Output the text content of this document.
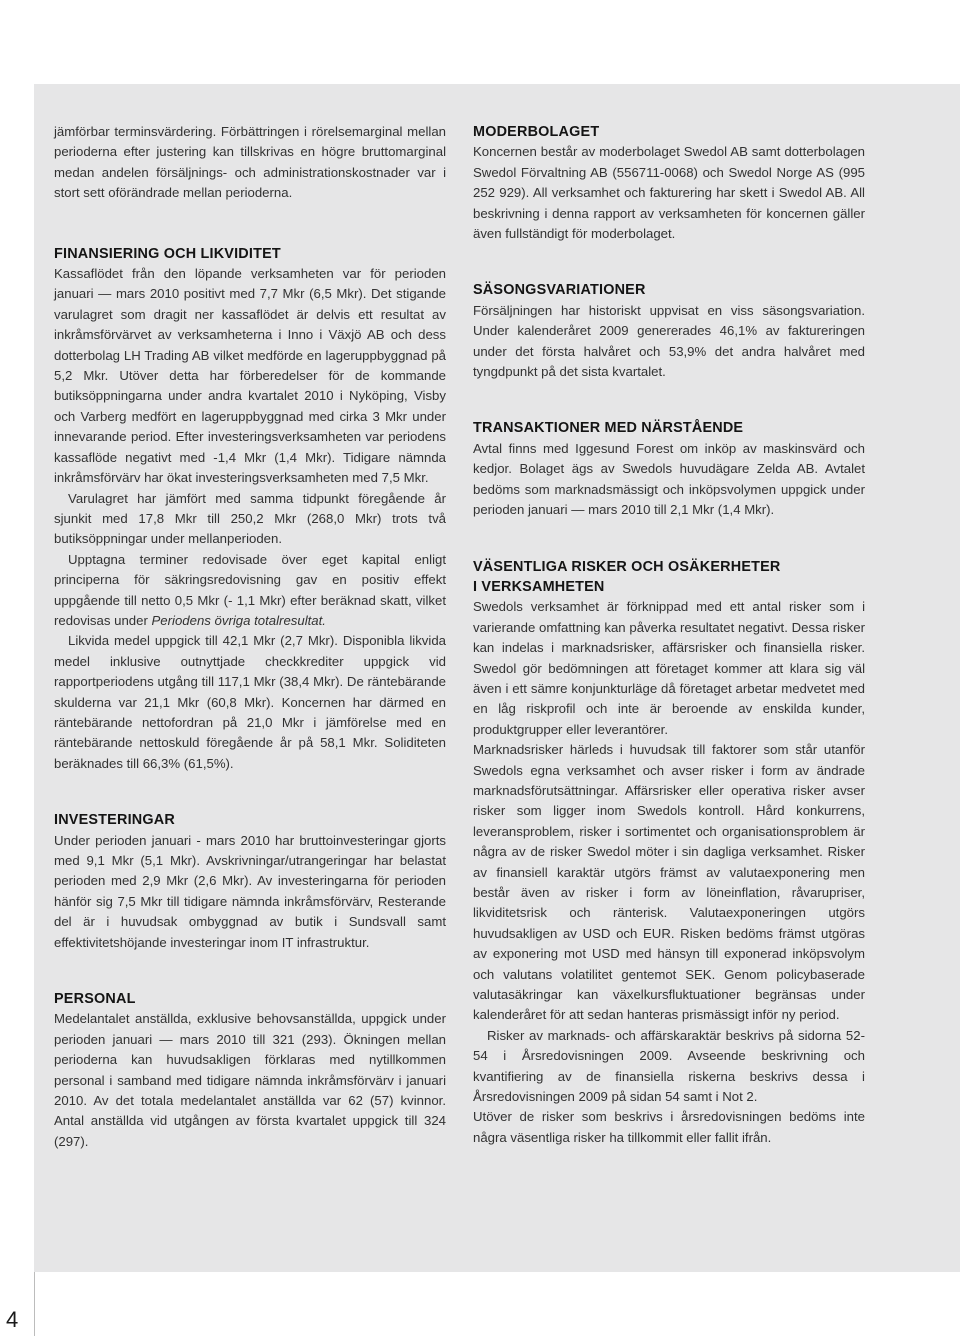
jämförbar terminsvärdering. Förbättringen i rörelsemarginal mellan perioderna efter justering kan tillskrivas en högre bruttomarginal medan andelen försäljnings- och administrationskostnader var i stort sett oförändrade mellan perioderna.

FINANSIERING OCH LIKVIDITET

Kassaflödet från den löpande verksamheten var för perioden januari — mars 2010 positivt med 7,7 Mkr (6,5 Mkr). Det stigande varulagret som dragit ner kassaflödet är delvis ett resultat av inkråmsförvärvet av verksamheterna i Inno i Växjö AB och dess dotterbolag LH Trading AB vilket medförde en lageruppbyggnad på 5,2 Mkr. Utöver detta har förberedelser för de kommande butiksöppningarna under andra kvartalet 2010 i Nyköping, Visby och Varberg medfört en lageruppbyggnad med cirka 3 Mkr under innevarande period. Efter investeringsverksamheten var periodens kassaflöde negativt med -1,4 Mkr (1,4 Mkr). Tidigare nämnda inkråmsförvärv har ökat investeringsverksamheten med 7,5 Mkr.

Varulagret har jämfört med samma tidpunkt föregående år sjunkit med 17,8 Mkr till 250,2 Mkr (268,0 Mkr) trots två butiksöppningar under mellanperioden.

Upptagna terminer redovisade över eget kapital enligt principerna för säkringsredovisning gav en positiv effekt uppgående till netto 0,5 Mkr (- 1,1 Mkr) efter beräknad skatt, vilket redovisas under Periodens övriga totalresultat.

Likvida medel uppgick till 42,1 Mkr (2,7 Mkr). Disponibla likvida medel inklusive outnyttjade checkkrediter uppgick vid rapportperiodens utgång till 117,1 Mkr (38,4 Mkr). De räntebärande skulderna var 21,1 Mkr (60,8 Mkr). Koncernen har därmed en räntebärande nettofordran på 21,0 Mkr i jämförelse med en räntebärande nettoskuld föregående år på 58,1 Mkr. Soliditeten beräknades till 66,3% (61,5%).

INVESTERINGAR

Under perioden januari - mars 2010 har bruttoinvesteringar gjorts med 9,1 Mkr (5,1 Mkr). Avskrivningar/utrangeringar har belastat perioden med 2,9 Mkr (2,6 Mkr). Av investeringarna för perioden hänför sig 7,5 Mkr till tidigare nämnda inkråmsförvärv, Resterande del är i huvudsak ombyggnad av butik i Sundsvall samt effektivitetshöjande investeringar inom IT infrastruktur.

PERSONAL

Medelantalet anställda, exklusive behovsanställda, uppgick under perioden januari — mars 2010 till 321 (293). Ökningen mellan perioderna kan huvudsakligen förklaras med nytillkommen personal i samband med tidigare nämnda inkråmsförvärv i januari 2010. Av det totala medelantalet anställda var 62 (57) kvinnor. Antal anställda vid utgången av första kvartalet uppgick till 324 (297).

MODERBOLAGET

Koncernen består av moderbolaget Swedol AB samt dotterbolagen Swedol Förvaltning AB (556711-0068) och Swedol Norge AS (995 252 929). All verksamhet och fakturering har skett i Swedol AB. All beskrivning i denna rapport av verksamheten för koncernen gäller även fullständigt för moderbolaget.

SÄSONGSVARIATIONER

Försäljningen har historiskt uppvisat en viss säsongsvariation. Under kalenderåret 2009 genererades 46,1% av faktureringen under det första halvåret och 53,9% det andra halvåret med tyngdpunkt på det sista kvartalet.

TRANSAKTIONER MED NÄRSTÅENDE

Avtal finns med Iggesund Forest om inköp av maskinsvärd och kedjor. Bolaget ägs av Swedols huvudägare Zelda AB. Avtalet bedöms som marknadsmässigt och inköpsvolymen uppgick under perioden januari — mars 2010 till 2,1 Mkr (1,4 Mkr).

VÄSENTLIGA RISKER OCH OSÄKERHETER
I VERKSAMHETEN

Swedols verksamhet är förknippad med ett antal risker som i varierande omfattning kan påverka resultatet negativt. Dessa risker kan indelas i marknadsrisker, affärsrisker och finansiella risker. Swedol gör bedömningen att företaget kommer att klara sig väl även i ett sämre konjunkturläge då företaget arbetar medvetet med en låg riskprofil och inte är beroende av enskilda kunder, produktgrupper eller leverantörer.

Marknadsrisker härleds i huvudsak till faktorer som står utanför Swedols egna verksamhet och avser risker i form av ändrade marknadsförutsättningar. Affärsrisker eller operativa risker avser risker som ligger inom Swedols kontroll. Hård konkurrens, leveransproblem, risker i sortimentet och organisationsproblem är några av de risker Swedol möter i sin dagliga verksamhet. Risker av finansiell karaktär utgörs främst av valutaexponering men består även av risker i form av löneinflation, råvarupriser, likviditetsrisk och ränterisk. Valutaexponeringen utgörs huvudsakligen av USD och EUR. Risken bedöms främst utgöras av exponering mot USD med hänsyn till exponerad inköpsvolym och valutans volatilitet gentemot SEK. Genom policybaserade valutasäkringar kan växelkursfluktuationer begränsas under kalenderåret för att sedan hanteras prismässigt inför ny period.

Risker av marknads- och affärskaraktär beskrivs på sidorna 52-54 i Årsredovisningen 2009. Avseende beskrivning och kvantifiering av de finansiella riskerna beskrivs dessa i Årsredovisningen 2009 på sidan 54 samt i Not 2.

Utöver de risker som beskrivs i årsredovisningen bedöms inte några väsentliga risker ha tillkommit eller fallit ifrån.

4
